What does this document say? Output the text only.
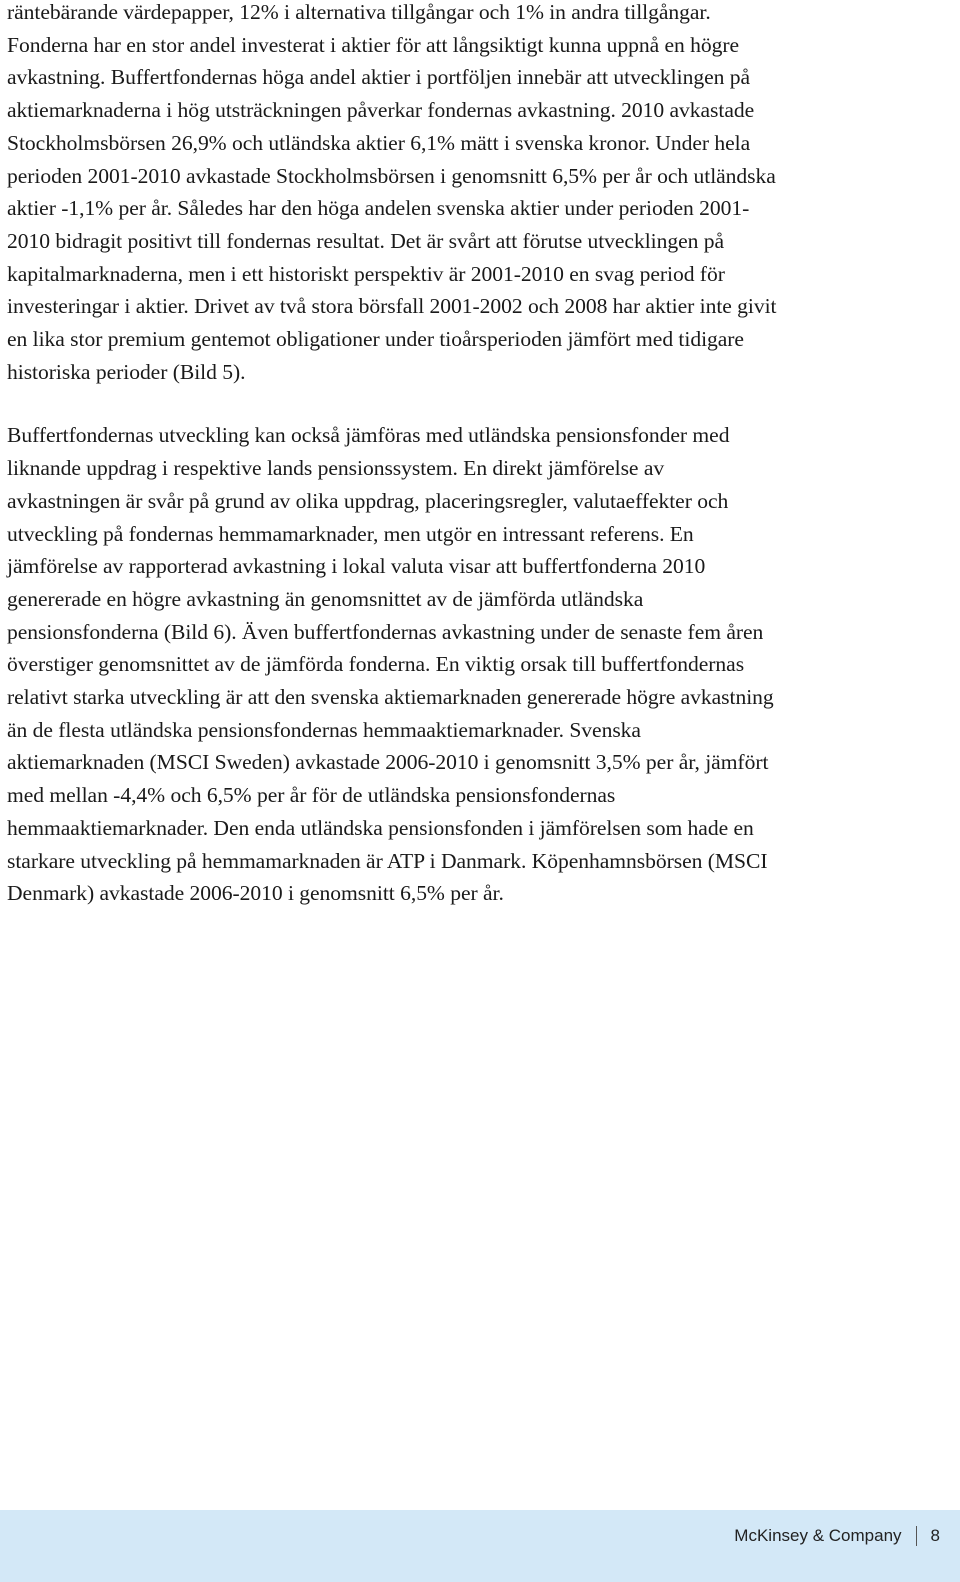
räntebärande värdepapper, 12% i alternativa tillgångar och 1% in andra tillgångar.
Fonderna har en stor andel investerat i aktier för att långsiktigt kunna uppnå en högre
avkastning. Buffertfondernas höga andel aktier i portföljen innebär att utvecklingen på
aktiemarknaderna i hög utsträckningen påverkar fondernas avkastning. 2010 avkastade
Stockholmsbörsen 26,9% och utländska aktier 6,1% mätt i svenska kronor. Under hela
perioden 2001-2010 avkastade Stockholmsbörsen i genomsnitt 6,5% per år och utländska
aktier -1,1% per år. Således har den höga andelen svenska aktier under perioden 2001-
2010 bidragit positivt till fondernas resultat. Det är svårt att förutse utvecklingen på
kapitalmarknaderna, men i ett historiskt perspektiv är 2001-2010 en svag period för
investeringar i aktier. Drivet av två stora börsfall 2001-2002 och 2008 har aktier inte givit
en lika stor premium gentemot obligationer under tioårsperioden jämfört med tidigare
historiska perioder (Bild 5).

Buffertfondernas utveckling kan också jämföras med utländska pensionsfonder med
liknande uppdrag i respektive lands pensionssystem. En direkt jämförelse av
avkastningen är svår på grund av olika uppdrag, placeringsregler, valutaeffekter och
utveckling på fondernas hemmamarknader, men utgör en intressant referens. En
jämförelse av rapporterad avkastning i lokal valuta visar att buffertfonderna 2010
genererade en högre avkastning än genomsnittet av de jämförda utländska
pensionsfonderna (Bild 6). Även buffertfondernas avkastning under de senaste fem åren
överstiger genomsnittet av de jämförda fonderna. En viktig orsak till buffertfondernas
relativt starka utveckling är att den svenska aktiemarknaden genererade högre avkastning
än de flesta utländska pensionsfondernas hemmaaktiemarknader. Svenska
aktiemarknaden (MSCI Sweden) avkastade 2006-2010 i genomsnitt 3,5% per år, jämfört
med mellan -4,4% och 6,5% per år för de utländska pensionsfondernas
hemmaaktiemarknader. Den enda utländska pensionsfonden i jämförelsen som hade en
starkare utveckling på hemmamarknaden är ATP i Danmark. Köpenhamnsbörsen (MSCI
Denmark) avkastade 2006-2010 i genomsnitt 6,5% per år.

McKinsey & Company 8
